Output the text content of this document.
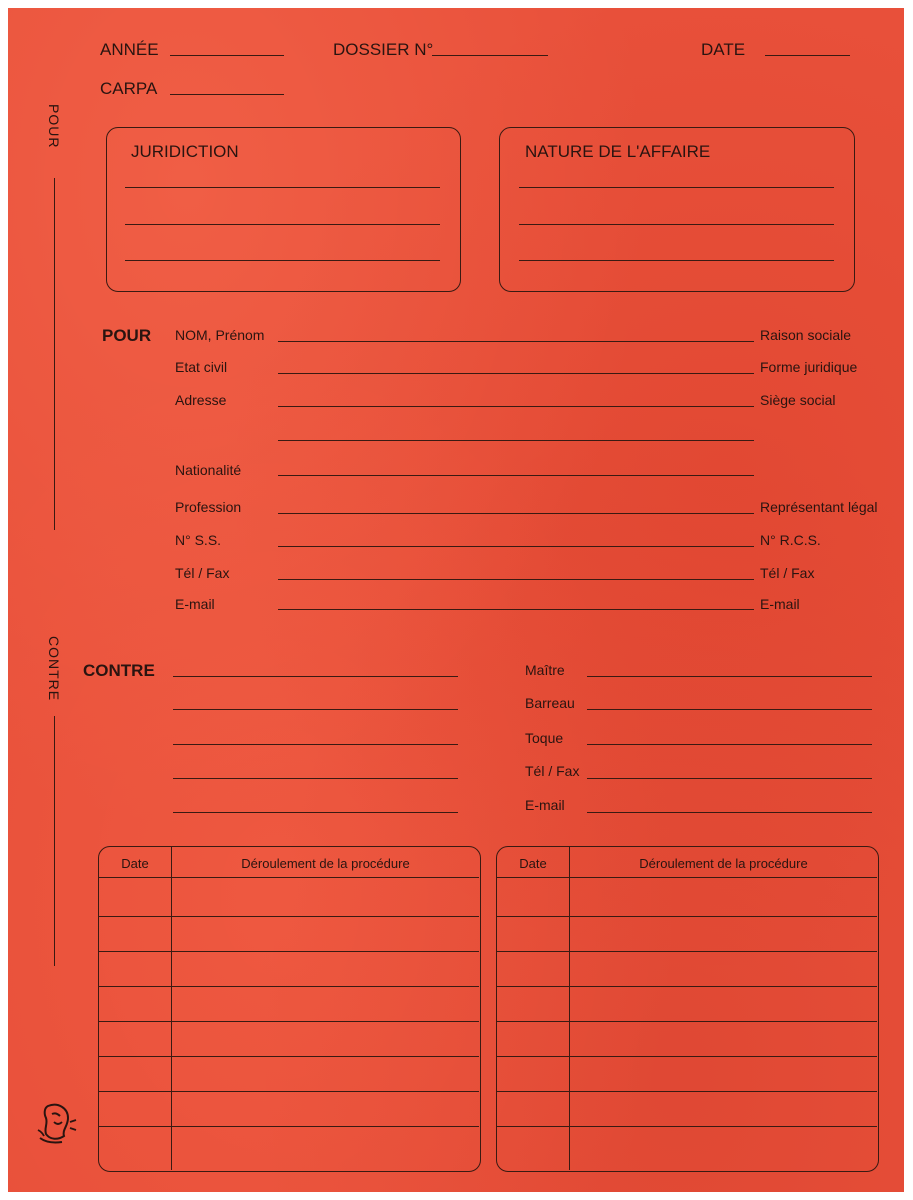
ANNÉE	DOSSIER N°	DATE
CARPA
POUR
CONTRE
JURIDICTION	NATURE DE L'AFFAIRE
POUR NOM, Prénom	Raison sociale
Etat civil	Forme juridique
Adresse	Siège social
Nationalité
Profession	Représentant légal
N° S.S.	N° R.C.S.
Tél / Fax	Tél / Fax
E-mail	E-mail
CONTRE	Maître
Barreau
Toque
Tél / Fax
E-mail
Date	Déroulement de la procédure	Date	Déroulement de la procédure
